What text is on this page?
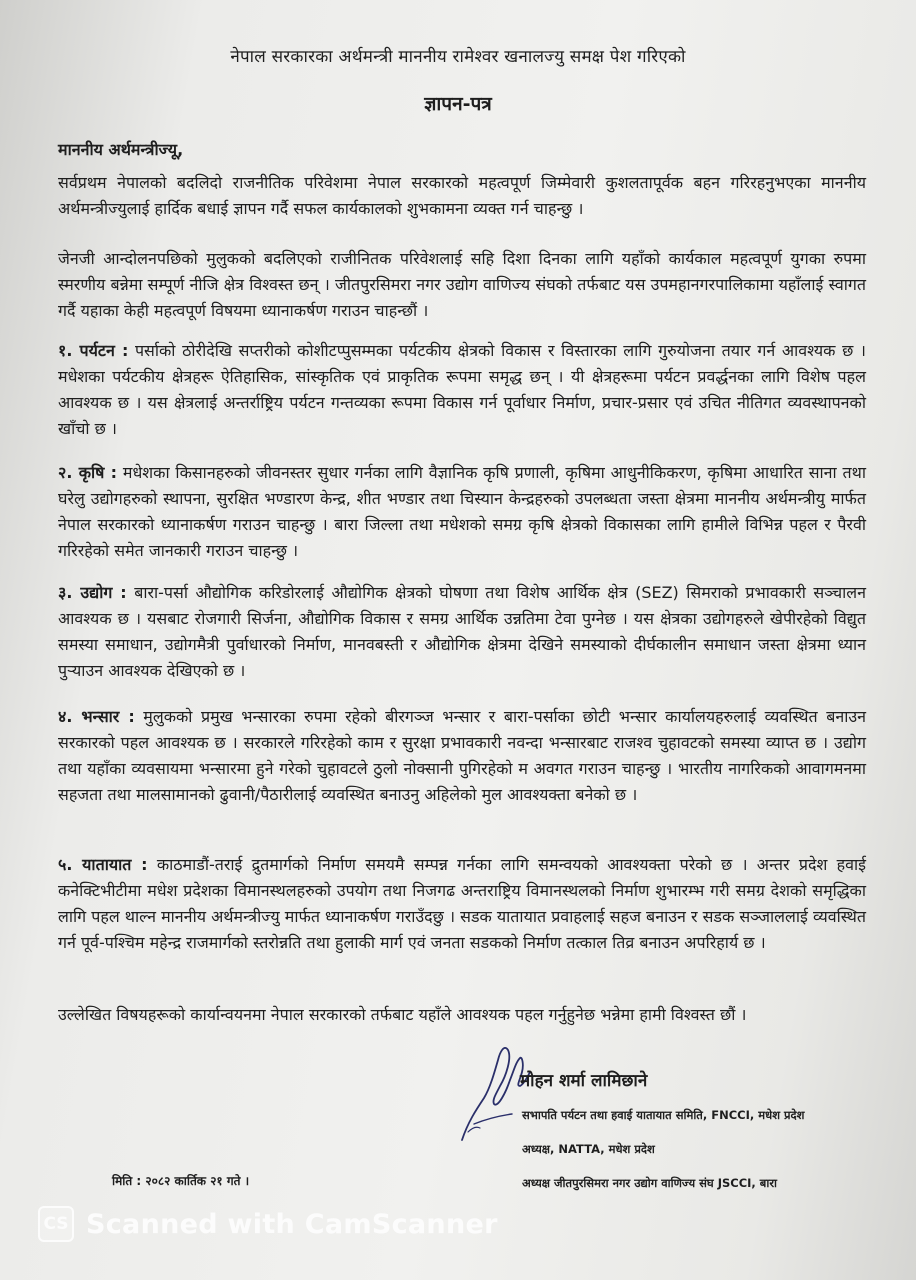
नेपाल सरकारका अर्थमन्त्री माननीय रामेश्वर खनालज्यु समक्ष पेश गरिएको
ज्ञापन-पत्र
माननीय अर्थमन्त्रीज्यू,
सर्वप्रथम नेपालको बदलिदो राजनीतिक परिवेशमा नेपाल सरकारको महत्वपूर्ण जिम्मेवारी कुशलतापूर्वक बहन गरिरहनुभएका माननीय अर्थमन्त्रीज्युलाई हार्दिक बधाई ज्ञापन गर्दै सफल कार्यकालको शुभकामना व्यक्त गर्न चाहन्छु ।
जेनजी आन्दोलनपछिको मुलुकको बदलिएको राजीनितक परिवेशलाई सहि दिशा दिनका लागि यहाँको कार्यकाल महत्वपूर्ण युगका रुपमा स्मरणीय बन्नेमा सम्पूर्ण नीजि क्षेत्र विश्वस्त छन् । जीतपुरसिमरा नगर उद्योग वाणिज्य संघको तर्फबाट यस उपमहानगरपालिकामा यहाँलाई स्वागत गर्दै यहाका केही महत्वपूर्ण विषयमा ध्यानाकर्षण गराउन चाहन्छौं ।
१. पर्यटन : पर्साको ठोरीदेखि सप्तरीको कोशीटप्पुसम्मका पर्यटकीय क्षेत्रको विकास र विस्तारका लागि गुरुयोजना तयार गर्न आवश्यक छ । मधेशका पर्यटकीय क्षेत्रहरू ऐतिहासिक, सांस्कृतिक एवं प्राकृतिक रूपमा समृद्ध छन् । यी क्षेत्रहरूमा पर्यटन प्रवर्द्धनका लागि विशेष पहल आवश्यक छ । यस क्षेत्रलाई अन्तर्राष्ट्रिय पर्यटन गन्तव्यका रूपमा विकास गर्न पूर्वाधार निर्माण, प्रचार-प्रसार एवं उचित नीतिगत व्यवस्थापनको खाँचो छ ।
२. कृषि : मधेशका किसानहरुको जीवनस्तर सुधार गर्नका लागि वैज्ञानिक कृषि प्रणाली, कृषिमा आधुनीकिकरण, कृषिमा आधारित साना तथा घरेलु उद्योगहरुको स्थापना, सुरक्षित भण्डारण केन्द्र, शीत भण्डार तथा चिस्यान केन्द्रहरुको उपलब्धता जस्ता क्षेत्रमा माननीय अर्थमन्त्रीयु मार्फत नेपाल सरकारको ध्यानाकर्षण गराउन चाहन्छु । बारा जिल्ला तथा मधेशको समग्र कृषि क्षेत्रको विकासका लागि हामीले विभिन्न पहल र पैरवी गरिरहेको समेत जानकारी गराउन चाहन्छु ।
३. उद्योग : बारा-पर्सा औद्योगिक करिडोरलाई औद्योगिक क्षेत्रको घोषणा तथा विशेष आर्थिक क्षेत्र (SEZ) सिमराको प्रभावकारी सञ्चालन आवश्यक छ । यसबाट रोजगारी सिर्जना, औद्योगिक विकास र समग्र आर्थिक उन्नतिमा टेवा पुग्नेछ । यस क्षेत्रका उद्योगहरुले खेपीरहेको विद्युत समस्या समाधान, उद्योगमैत्री पुर्वाधारको निर्माण, मानवबस्ती र औद्योगिक क्षेत्रमा देखिने समस्याको दीर्घकालीन समाधान जस्ता क्षेत्रमा ध्यान पुऱ्याउन आवश्यक देखिएको छ ।
४. भन्सार : मुलुकको प्रमुख भन्सारका रुपमा रहेको बीरगञ्ज भन्सार र बारा-पर्साका छोटी भन्सार कार्यालयहरुलाई व्यवस्थित बनाउन सरकारको पहल आवश्यक छ । सरकारले गरिरहेको काम र सुरक्षा प्रभावकारी नवन्दा भन्सारबाट राजश्व चुहावटको समस्या व्याप्त छ । उद्योग तथा यहाँका व्यवसायमा भन्सारमा हुने गरेको चुहावटले ठुलो नोक्सानी पुगिरहेको म अवगत गराउन चाहन्छु । भारतीय नागरिकको आवागमनमा सहजता तथा मालसामानको ढुवानी/पैठारीलाई व्यवस्थित बनाउनु अहिलेको मुल आवश्यक्ता बनेको छ ।
५. यातायात : काठमाडौं-तराई द्रुतमार्गको निर्माण समयमै सम्पन्न गर्नका लागि समन्वयको आवश्यक्ता परेको छ । अन्तर प्रदेश हवाई कनेक्टिभीटीमा मधेश प्रदेशका विमानस्थलहरुको उपयोग तथा निजगढ अन्तराष्ट्रिय विमानस्थलको निर्माण शुभारम्भ गरी समग्र देशको समृद्धिका लागि पहल थाल्न माननीय अर्थमन्त्रीज्यु मार्फत ध्यानाकर्षण गराउँदछु । सडक यातायात प्रवाहलाई सहज बनाउन र सडक सञ्जाललाई व्यवस्थित गर्न पूर्व-पश्चिम महेन्द्र राजमार्गको स्तरोन्नति तथा हुलाकी मार्ग एवं जनता सडकको निर्माण तत्काल तिव्र बनाउन अपरिहार्य छ ।
उल्लेखित विषयहरूको कार्यान्वयनमा नेपाल सरकारको तर्फबाट यहाँले आवश्यक पहल गर्नुहुनेछ भन्नेमा हामी विश्वस्त छौं ।
मोहन शर्मा लामिछाने
सभापति पर्यटन तथा हवाई यातायात समिति, FNCCI, मधेश प्रदेश
अध्यक्ष, NATTA, मधेश प्रदेश
अध्यक्ष जीतपुरसिमरा नगर उद्योग वाणिज्य संघ JSCCI, बारा
मिति : २०८२ कार्तिक २१ गते ।
CS Scanned with CamScanner
